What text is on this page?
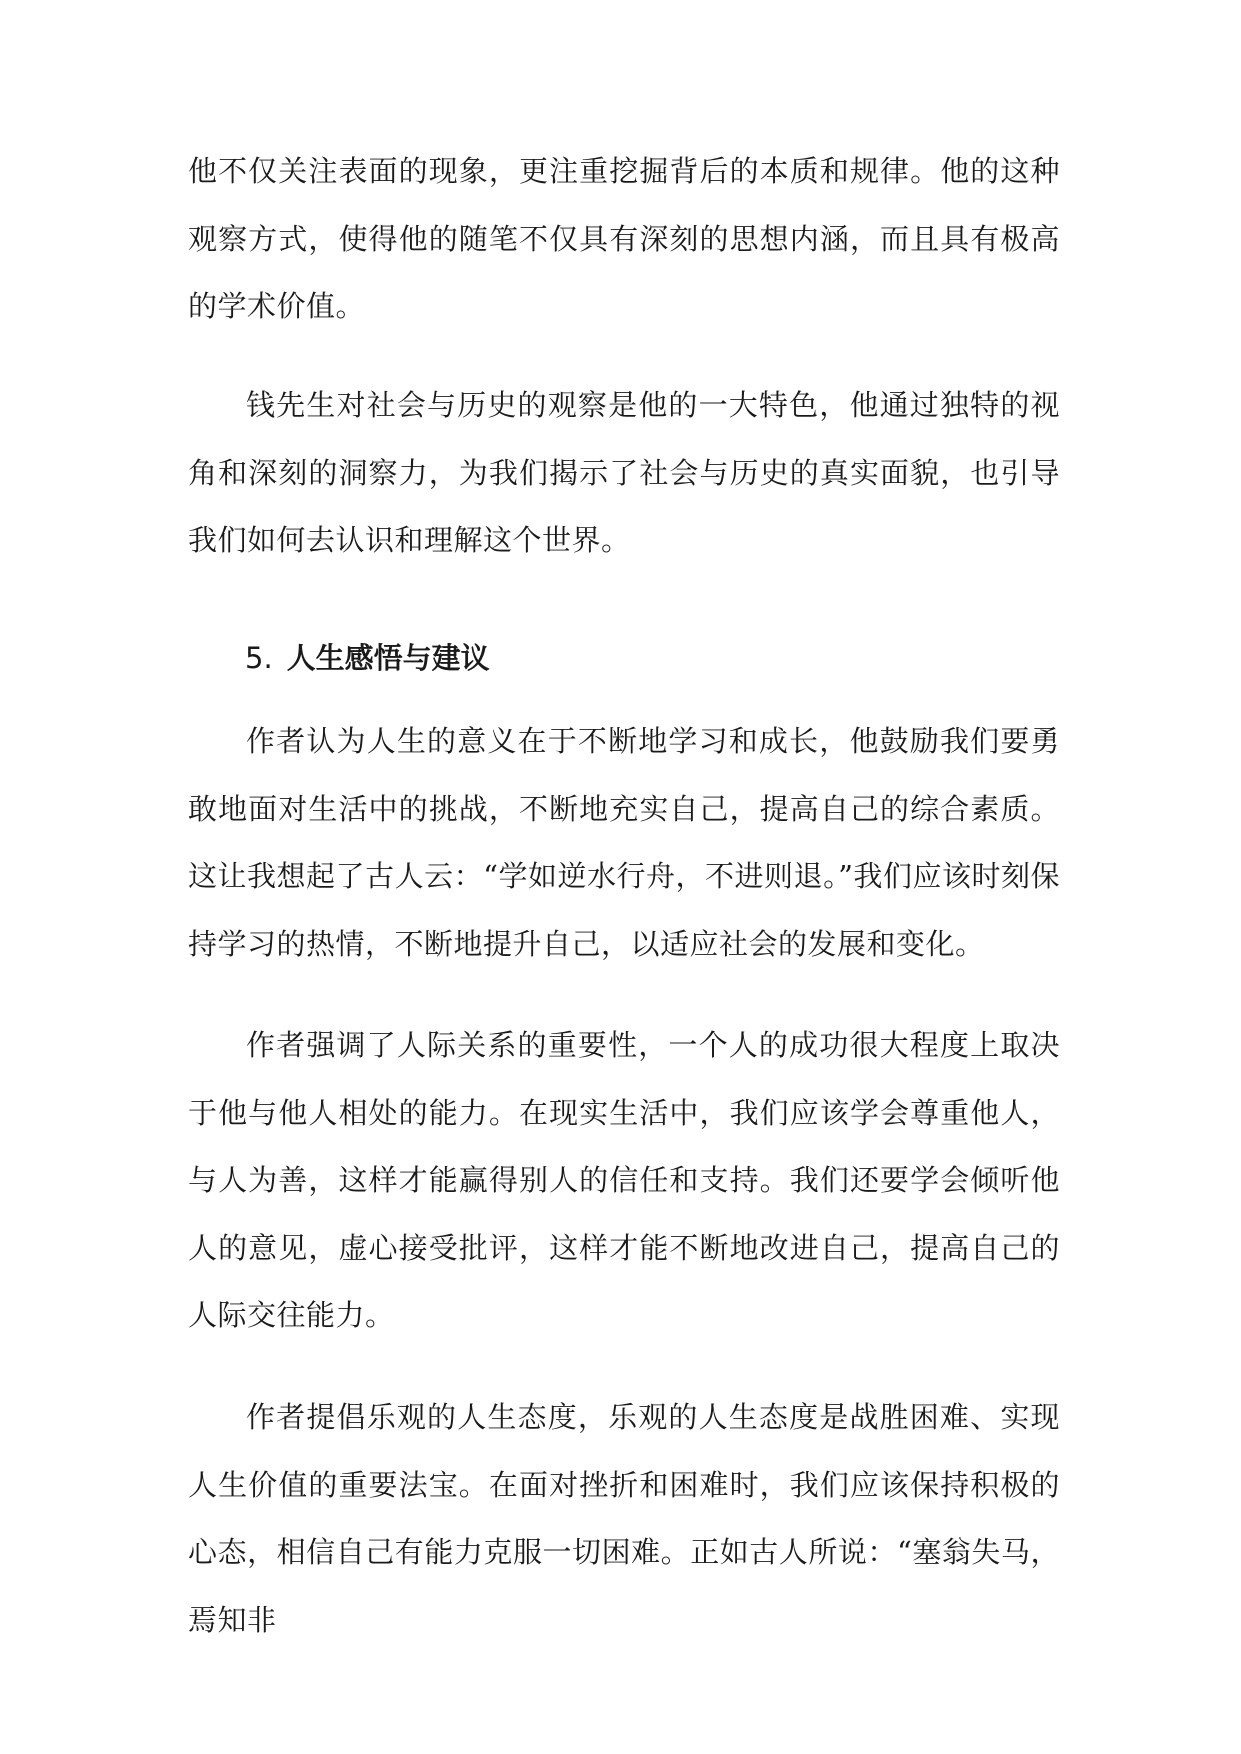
他不仅关注表面的现象，更注重挖掘背后的本质和规律。他的这种观察方式，使得他的随笔不仅具有深刻的思想内涵，而且具有极高的学术价值。

钱先生对社会与历史的观察是他的一大特色，他通过独特的视角和深刻的洞察力，为我们揭示了社会与历史的真实面貌，也引导我们如何去认识和理解这个世界。

5. 人生感悟与建议

作者认为人生的意义在于不断地学习和成长，他鼓励我们要勇敢地面对生活中的挑战，不断地充实自己，提高自己的综合素质。这让我想起了古人云：“学如逆水行舟，不进则退。”我们应该时刻保持学习的热情，不断地提升自己，以适应社会的发展和变化。

作者强调了人际关系的重要性，一个人的成功很大程度上取决于他与他人相处的能力。在现实生活中，我们应该学会尊重他人，与人为善，这样才能赢得别人的信任和支持。我们还要学会倾听他人的意见，虚心接受批评，这样才能不断地改进自己，提高自己的人际交往能力。

作者提倡乐观的人生态度，乐观的人生态度是战胜困难、实现人生价值的重要法宝。在面对挫折和困难时，我们应该保持积极的心态，相信自己有能力克服一切困难。正如古人所说：“塞翁失马，焉知非
